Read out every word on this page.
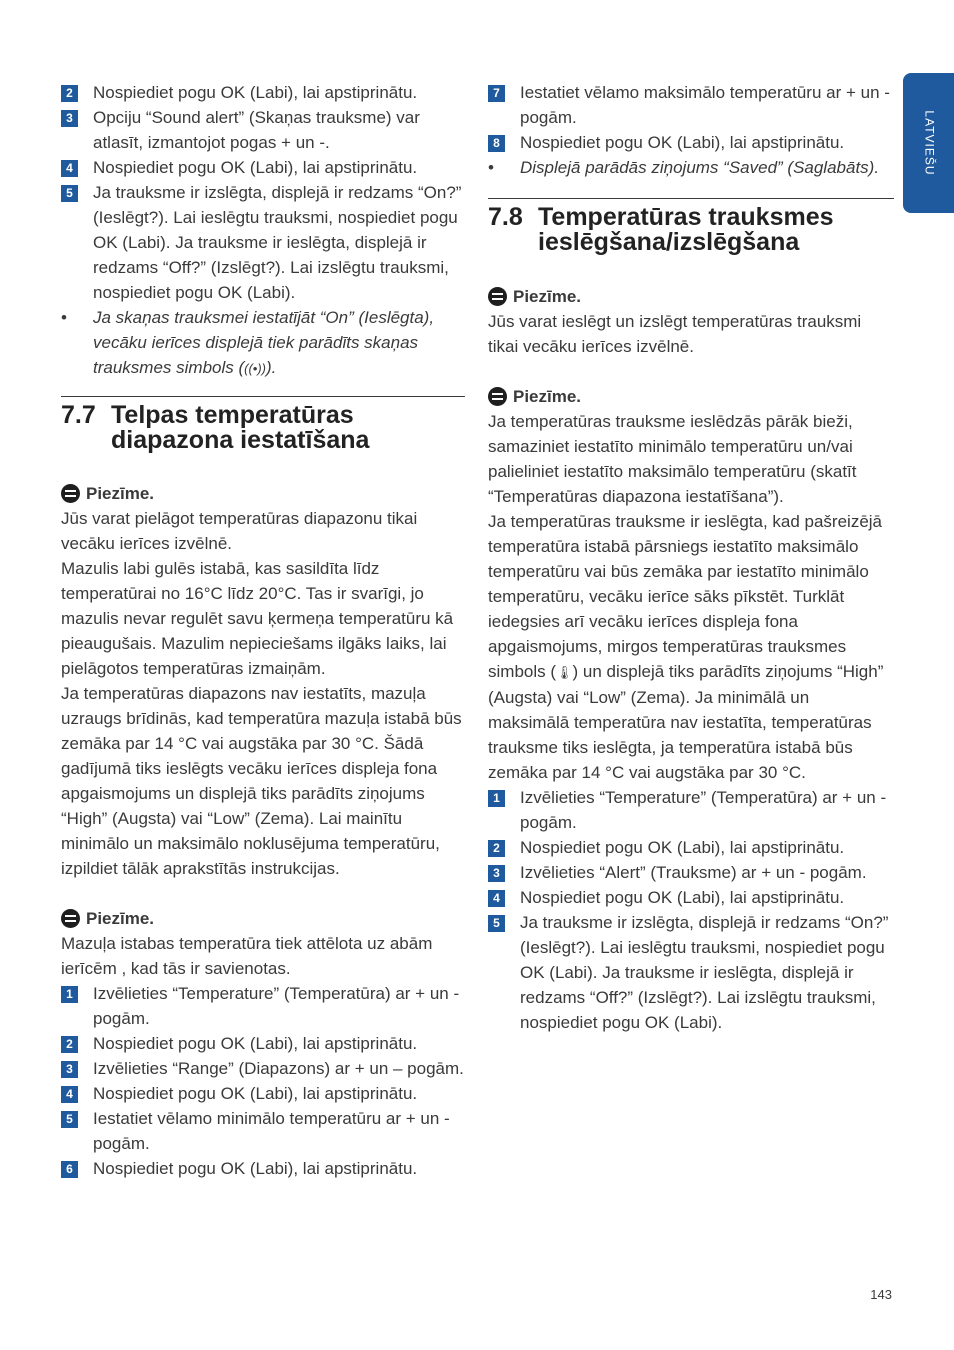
LATVIEŠU
2	Nospiediet pogu OK (Labi), lai apstiprinātu.
3	Opciju “Sound alert” (Skaņas trauksme) var atlasīt, izmantojot pogas + un -.
4	Nospiediet pogu OK (Labi), lai apstiprinātu.
5	Ja trauksme ir izslēgta, displejā ir redzams “On?” (Ieslēgt?). Lai ieslēgtu trauksmi, nospiediet pogu OK (Labi). Ja trauksme ir ieslēgta, displejā ir redzams “Off?” (Izslēgt?). Lai izslēgtu trauksmi, nospiediet pogu OK (Labi).
• Ja skaņas trauksmei iestatījāt “On” (Ieslēgta), vecāku ierīces displejā tiek parādīts skaņas trauksmes simbols (((•))).
7.7 Telpas temperatūras diapazona iestatīšana
Piezīme.

Jūs varat pielāgot temperatūras diapazonu tikai vecāku ierīces izvēlnē.

Mazulis labi gulēs istabā, kas sasildīta līdz temperatūrai no 16°C līdz 20°C. Tas ir svarīgi, jo mazulis nevar regulēt savu ķermeņa temperatūru kā pieaugušais. Mazulim nepieciešams ilgāks laiks, lai pielāgotos temperatūras izmaiņām.

Ja temperatūras diapazons nav iestatīts, mazuļa uzraugs brīdinās, kad temperatūra mazuļa istabā būs zemāka par 14 °C vai augstāka par 30 °C. Šādā gadījumā tiks ieslēgts vecāku ierīces displeja fona apgaismojums un displejā tiks parādīts ziņojums “High” (Augsta) vai “Low” (Zema). Lai mainītu minimālo un maksimālo noklusējuma temperatūru, izpildiet tālāk aprakstītās instrukcijas.

Piezīme.

Mazuļa istabas temperatūra tiek attēlota uz abām ierīcēm , kad tās ir savienotas.

1	Izvēlieties “Temperature” (Temperatūra) ar + un - pogām.
2	Nospiediet pogu OK (Labi), lai apstiprinātu.
3	Izvēlieties “Range” (Diapazons) ar + un – pogām.
4	Nospiediet pogu OK (Labi), lai apstiprinātu.
5	Iestatiet vēlamo minimālo temperatūru ar + un - pogām.
6	Nospiediet pogu OK (Labi), lai apstiprinātu.
7	Iestatiet vēlamo maksimālo temperatūru ar + un - pogām.
8	Nospiediet pogu OK (Labi), lai apstiprinātu.
• Displejā parādās ziņojums “Saved” (Saglabāts).
7.8 Temperatūras trauksmes ieslēgšana/izslēgšana
Piezīme.

Jūs varat ieslēgt un izslēgt temperatūras trauksmi tikai vecāku ierīces izvēlnē.

Piezīme.

Ja temperatūras trauksme ieslēdzās pārāk bieži, samaziniet iestatīto minimālo temperatūru un/vai palieliniet iestatīto maksimālo temperatūru (skatīt “Temperatūras diapazona iestatīšana”).

Ja temperatūras trauksme ir ieslēgta, kad pašreizējā temperatūra istabā pārsniegs iestatīto maksimālo temperatūru vai būs zemāka par iestatīto minimālo temperatūru, vecāku ierīce sāks pīkstēt. Turklāt iedegsies arī vecāku ierīces displeja fona apgaismojums, mirgos temperatūras trauksmes simbols (🌡) un displejā tiks parādīts ziņojums “High” (Augsta) vai “Low” (Zema). Ja minimālā un maksimālā temperatūra nav iestatīta, temperatūras trauksme tiks ieslēgta, ja temperatūra istabā būs zemāka par 14 °C vai augstāka par 30 °C.

1	Izvēlieties “Temperature” (Temperatūra) ar + un - pogām.
2	Nospiediet pogu OK (Labi), lai apstiprinātu.
3	Izvēlieties “Alert” (Trauksme) ar + un - pogām.
4	Nospiediet pogu OK (Labi), lai apstiprinātu.
5	Ja trauksme ir izslēgta, displejā ir redzams “On?” (Ieslēgt?). Lai ieslēgtu trauksmi, nospiediet pogu OK (Labi). Ja trauksme ir ieslēgta, displejā ir redzams “Off?” (Izslēgt?). Lai izslēgtu trauksmi, nospiediet pogu OK (Labi).
143
